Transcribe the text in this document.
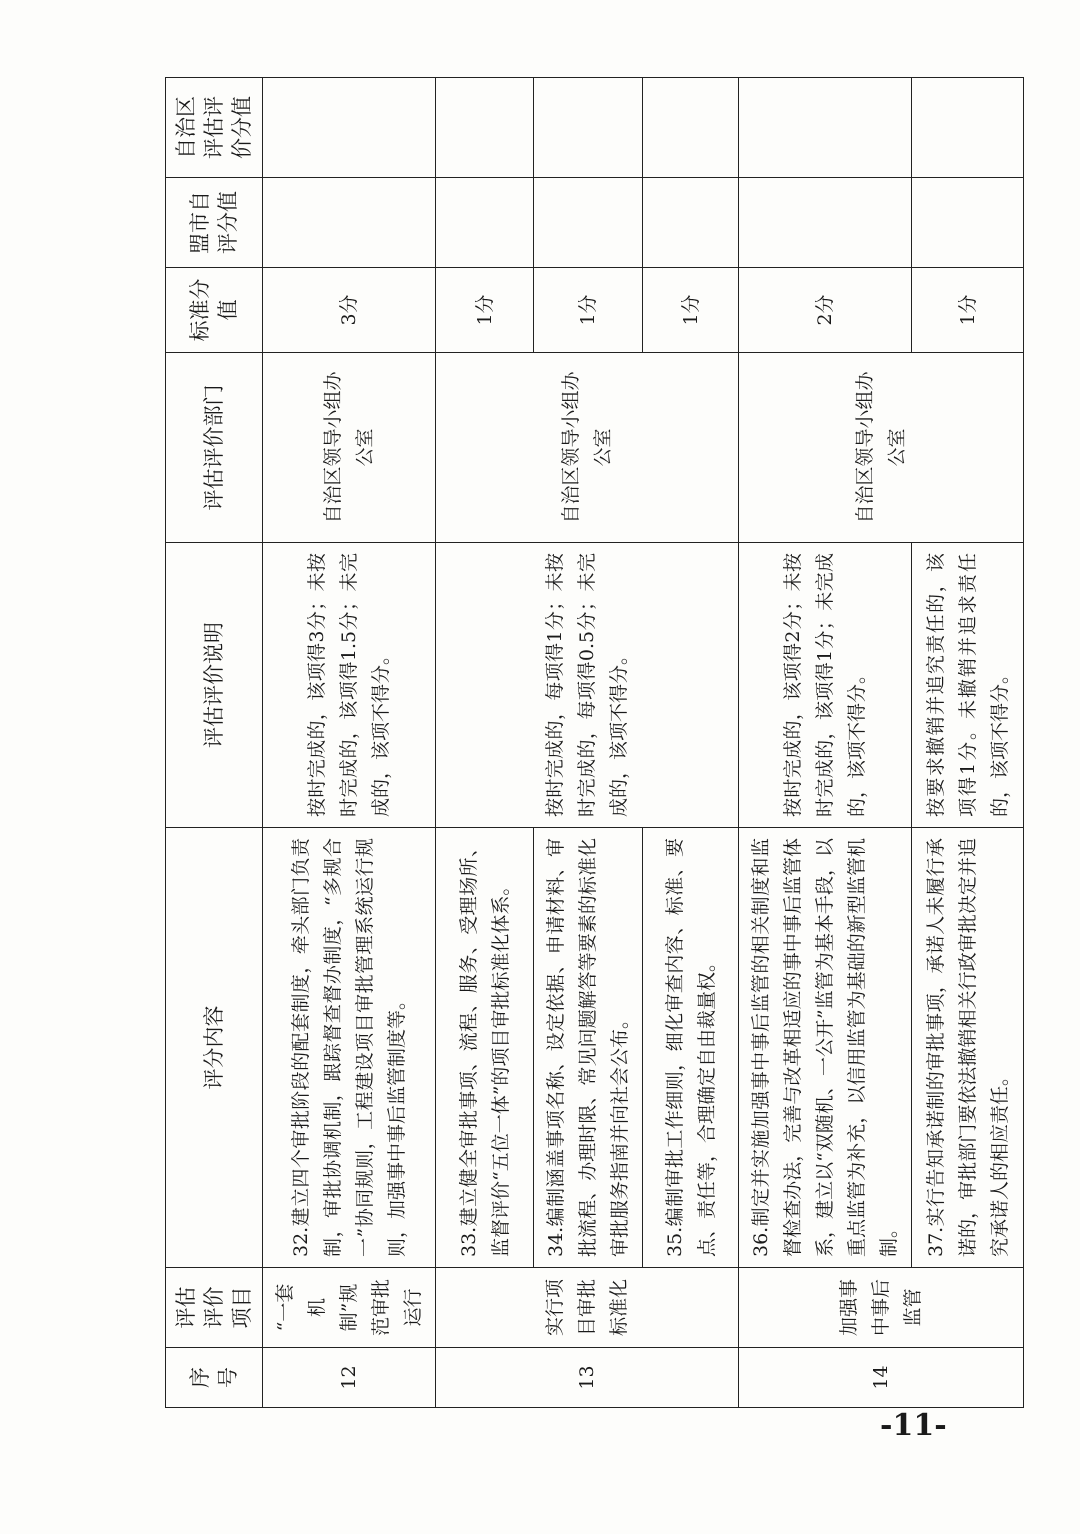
序号	评估评价项目	评分内容	评估评价说明	评估评价部门	标准分值	盟市自评分值	自治区评估评价分值
12	“一套机制”规范审批运行	32.建立四个审批阶段的配套制度，牵头部门负责制，审批协调机制，跟踪督查督办制度，“多规合一”协同规则，工程建设项目审批管理系统运行规则，加强事中事后监管制度等。	按时完成的，该项得3分；未按时完成的，该项得1.5分；未完成的，该项不得分。	自治区领导小组办公室	3分		
13	实行项目审批标准化	33.建立健全审批事项、流程、服务、受理场所、监督评价“五位一体”的项目审批标准化体系。	按时完成的，每项得1分；未按时完成的，每项得0.5分；未完成的，该项不得分。	自治区领导小组办公室	1分		
		34.编制涵盖事项名称、设定依据、申请材料、审批流程、办理时限、常见问题解答等要素的标准化审批服务指南并向社会公布。			1分		
		35.编制审批工作细则，细化审查内容、标准、要点、责任等，合理确定自由裁量权。			1分		
14	加强事中事后监管	36.制定并实施加强事中事后监管的相关制度和监督检查办法，完善与改革相适应的事中事后监管体系，建立以“双随机、一公开”监管为基本手段，以重点监管为补充，以信用监管为基础的新型监管机制。	按时完成的，该项得2分；未按时完成的，该项得1分；未完成的，该项不得分。	自治区领导小组办公室	2分		
		37.实行告知承诺制的审批事项，承诺人未履行承诺的，审批部门要依法撤销相关行政审批决定并追究承诺人的相应责任。	按要求撤销并追究责任的，该项得1分。未撤销并追求责任的，该项不得分。		1分		
-11-
